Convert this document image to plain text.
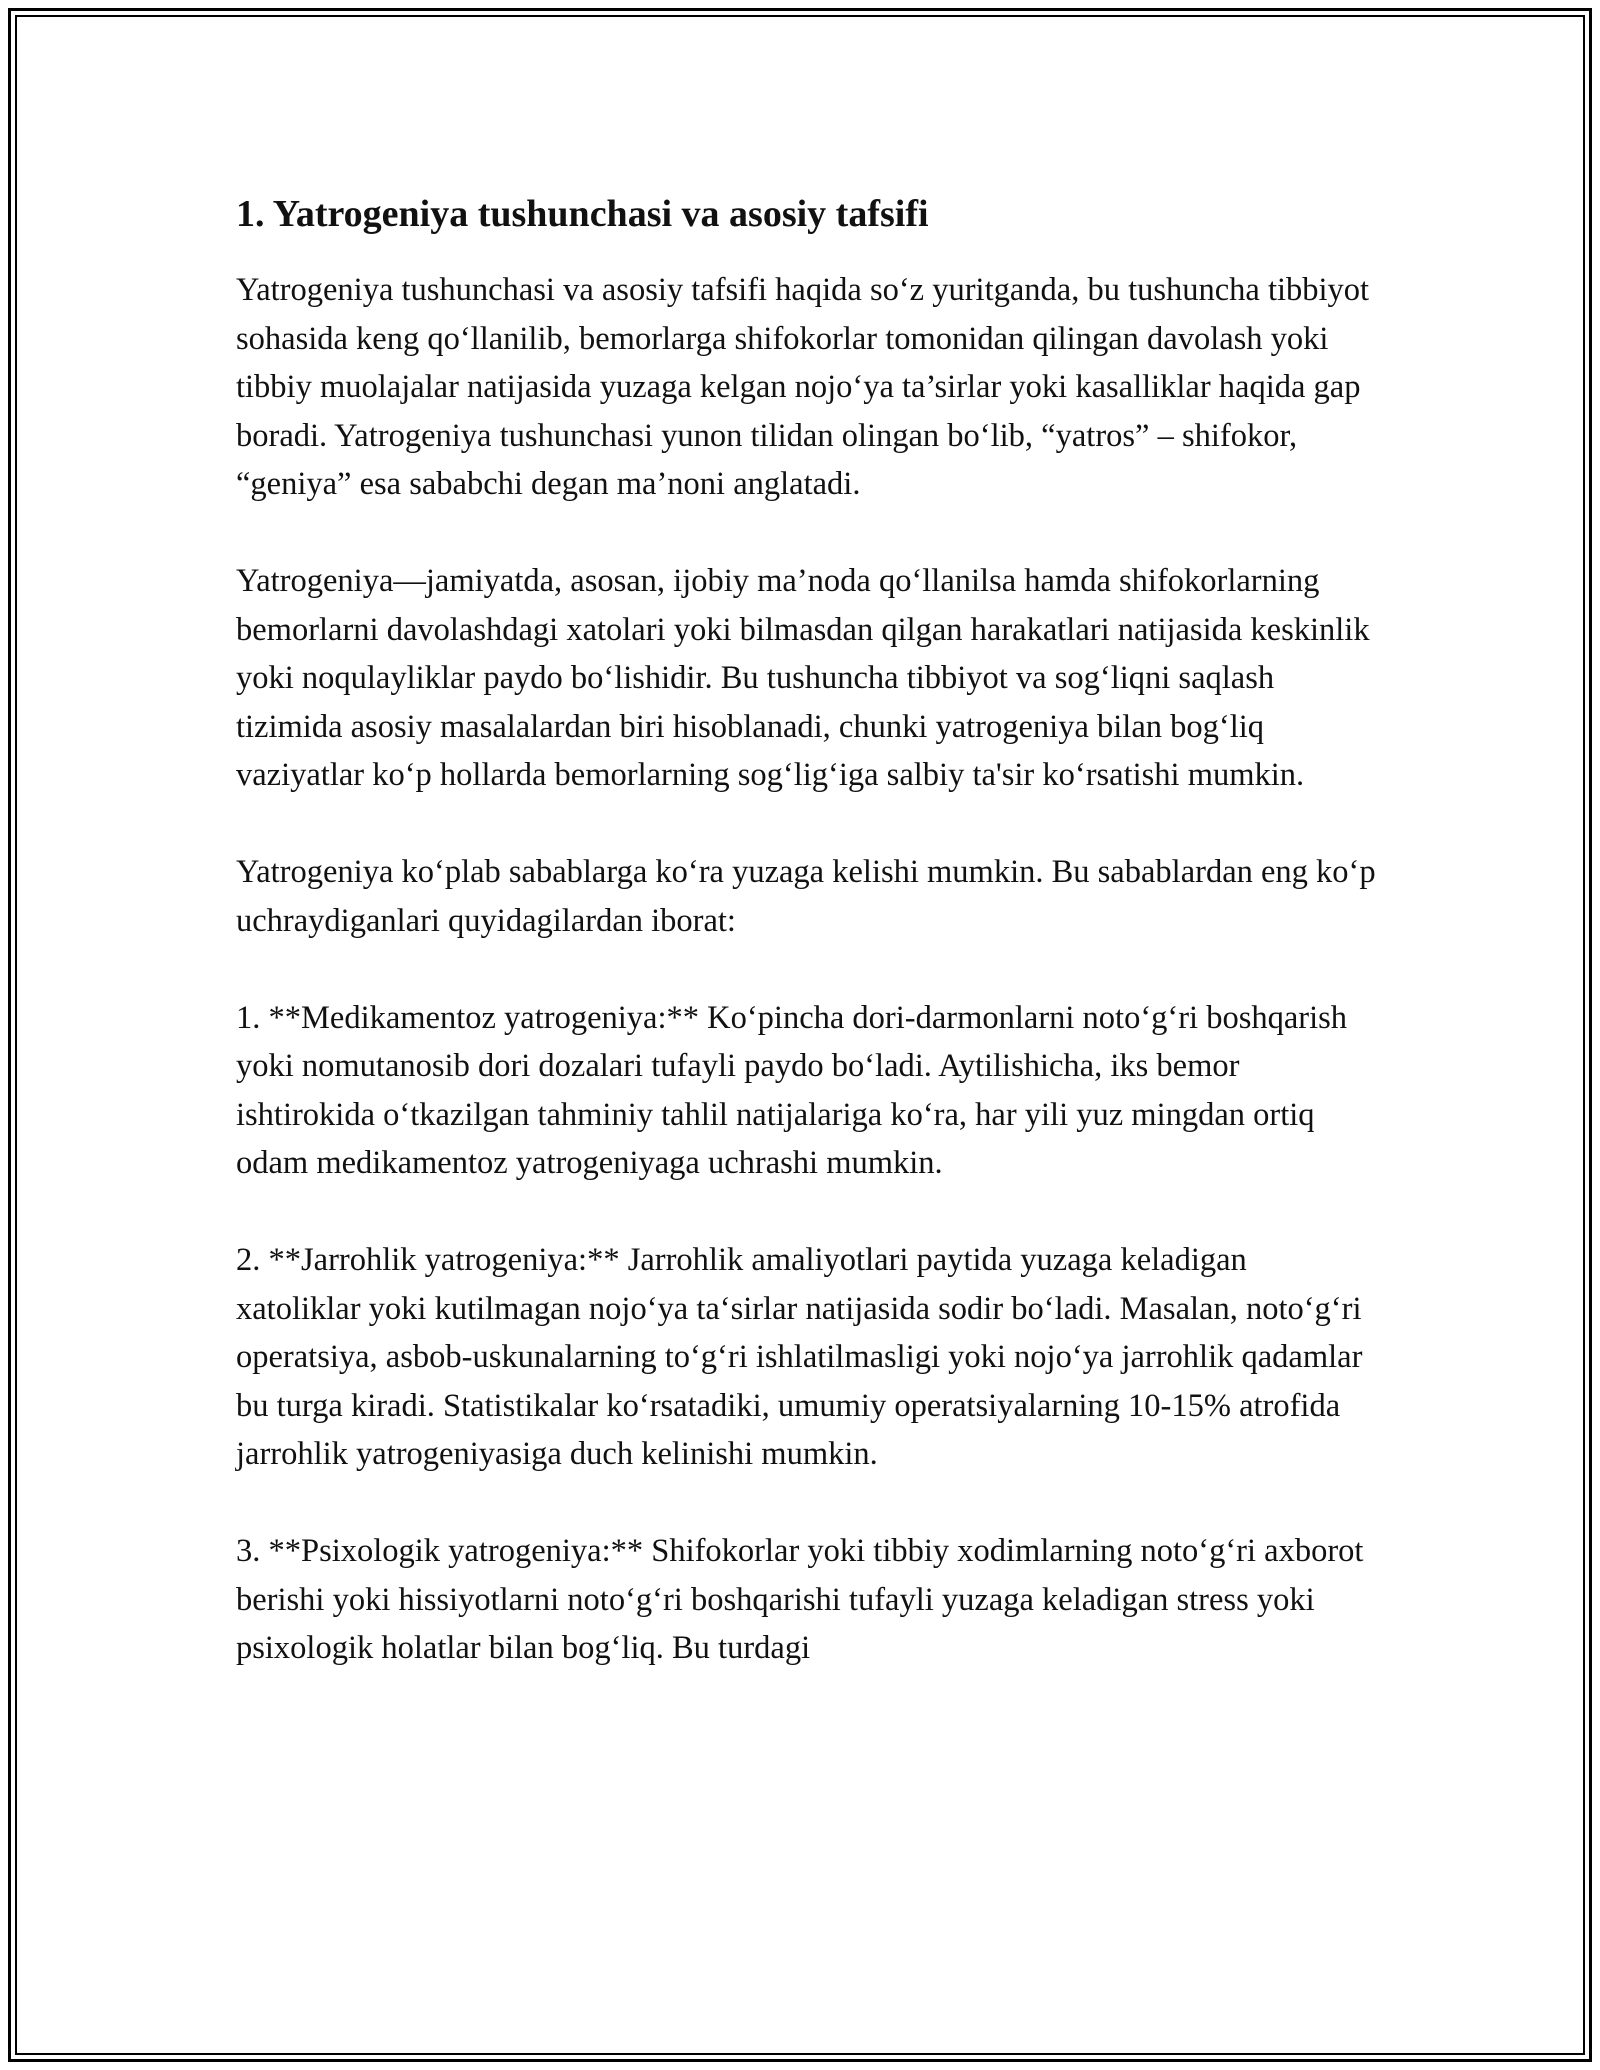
1. Yatrogeniya tushunchasi va asosiy tafsifi

Yatrogeniya tushunchasi va asosiy tafsifi haqida so‘z yuritganda, bu tushuncha tibbiyot sohasida keng qo‘llanilib, bemorlarga shifokorlar tomonidan qilingan davolash yoki tibbiy muolajalar natijasida yuzaga kelgan nojo‘ya ta’sirlar yoki kasalliklar haqida gap boradi. Yatrogeniya tushunchasi yunon tilidan olingan bo‘lib, “yatros” – shifokor, “geniya” esa sababchi degan ma’noni anglatadi.

Yatrogeniya—jamiyatda, asosan, ijobiy ma’noda qo‘llanilsa hamda shifokorlarning bemorlarni davolashdagi xatolari yoki bilmasdan qilgan harakatlari natijasida keskinlik yoki noqulayliklar paydo bo‘lishidir. Bu tushuncha tibbiyot va sog‘liqni saqlash tizimida asosiy masalalardan biri hisoblanadi, chunki yatrogeniya bilan bog‘liq vaziyatlar ko‘p hollarda bemorlarning sog‘lig‘iga salbiy ta'sir ko‘rsatishi mumkin.

Yatrogeniya ko‘plab sabablarga ko‘ra yuzaga kelishi mumkin. Bu sabablardan eng ko‘p uchraydiganlari quyidagilardan iborat:

1. **Medikamentoz yatrogeniya:** Ko‘pincha dori-darmonlarni noto‘g‘ri boshqarish yoki nomutanosib dori dozalari tufayli paydo bo‘ladi. Aytilishicha, iks bemor ishtirokida o‘tkazilgan tahminiy tahlil natijalariga ko‘ra, har yili yuz mingdan ortiq odam medikamentoz yatrogeniyaga uchrashi mumkin.

2. **Jarrohlik yatrogeniya:** Jarrohlik amaliyotlari paytida yuzaga keladigan xatoliklar yoki kutilmagan nojo‘ya ta‘sirlar natijasida sodir bo‘ladi. Masalan, noto‘g‘ri operatsiya, asbob-uskunalarning to‘g‘ri ishlatilmasligi yoki nojo‘ya jarrohlik qadamlar bu turga kiradi. Statistikalar ko‘rsatadiki, umumiy operatsiyalarning 10-15% atrofida jarrohlik yatrogeniyasiga duch kelinishi mumkin.

3. **Psixologik yatrogeniya:** Shifokorlar yoki tibbiy xodimlarning noto‘g‘ri axborot berishi yoki hissiyotlarni noto‘g‘ri boshqarishi tufayli yuzaga keladigan stress yoki psixologik holatlar bilan bog‘liq. Bu turdagi
